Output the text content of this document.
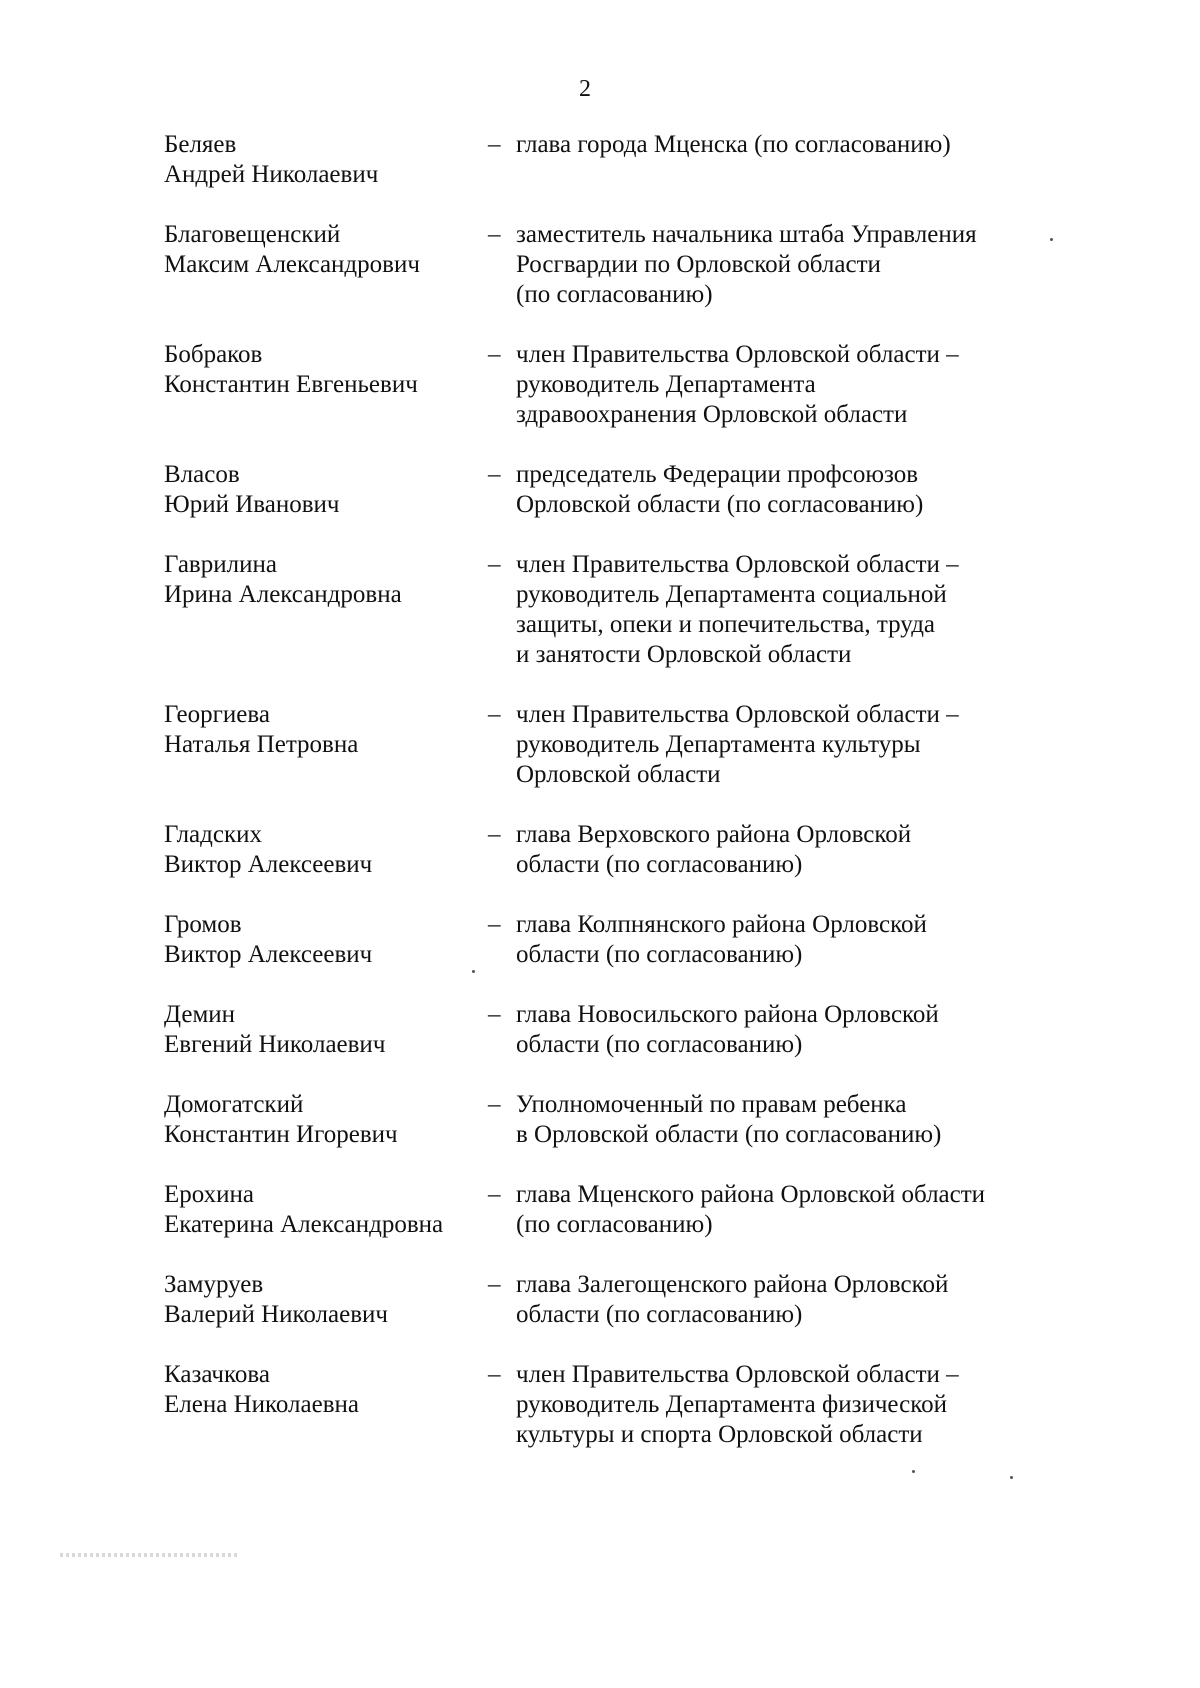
2
Беляев
Андрей Николаевич
– глава города Мценска (по согласованию)
Благовещенский
Максим Александрович
– заместитель начальника штаба Управления
Росгвардии по Орловской области
(по согласованию)
Бобраков
Константин Евгеньевич
– член Правительства Орловской области –
руководитель Департамента
здравоохранения Орловской области
Власов
Юрий Иванович
– председатель Федерации профсоюзов
Орловской области (по согласованию)
Гаврилина
Ирина Александровна
– член Правительства Орловской области –
руководитель Департамента социальной
защиты, опеки и попечительства, труда
и занятости Орловской области
Георгиева
Наталья Петровна
– член Правительства Орловской области –
руководитель Департамента культуры
Орловской области
Гладских
Виктор Алексеевич
– глава Верховского района Орловской
области (по согласованию)
Громов
Виктор Алексеевич
– глава Колпнянского района Орловской
области (по согласованию)
Демин
Евгений Николаевич
– глава Новосильского района Орловской
области (по согласованию)
Домогатский
Константин Игоревич
– Уполномоченный по правам ребенка
в Орловской области (по согласованию)
Ерохина
Екатерина Александровна
– глава Мценского района Орловской области
(по согласованию)
Замуруев
Валерий Николаевич
– глава Залегощенского района Орловской
области (по согласованию)
Казачкова
Елена Николаевна
– член Правительства Орловской области –
руководитель Департамента физической
культуры и спорта Орловской области
